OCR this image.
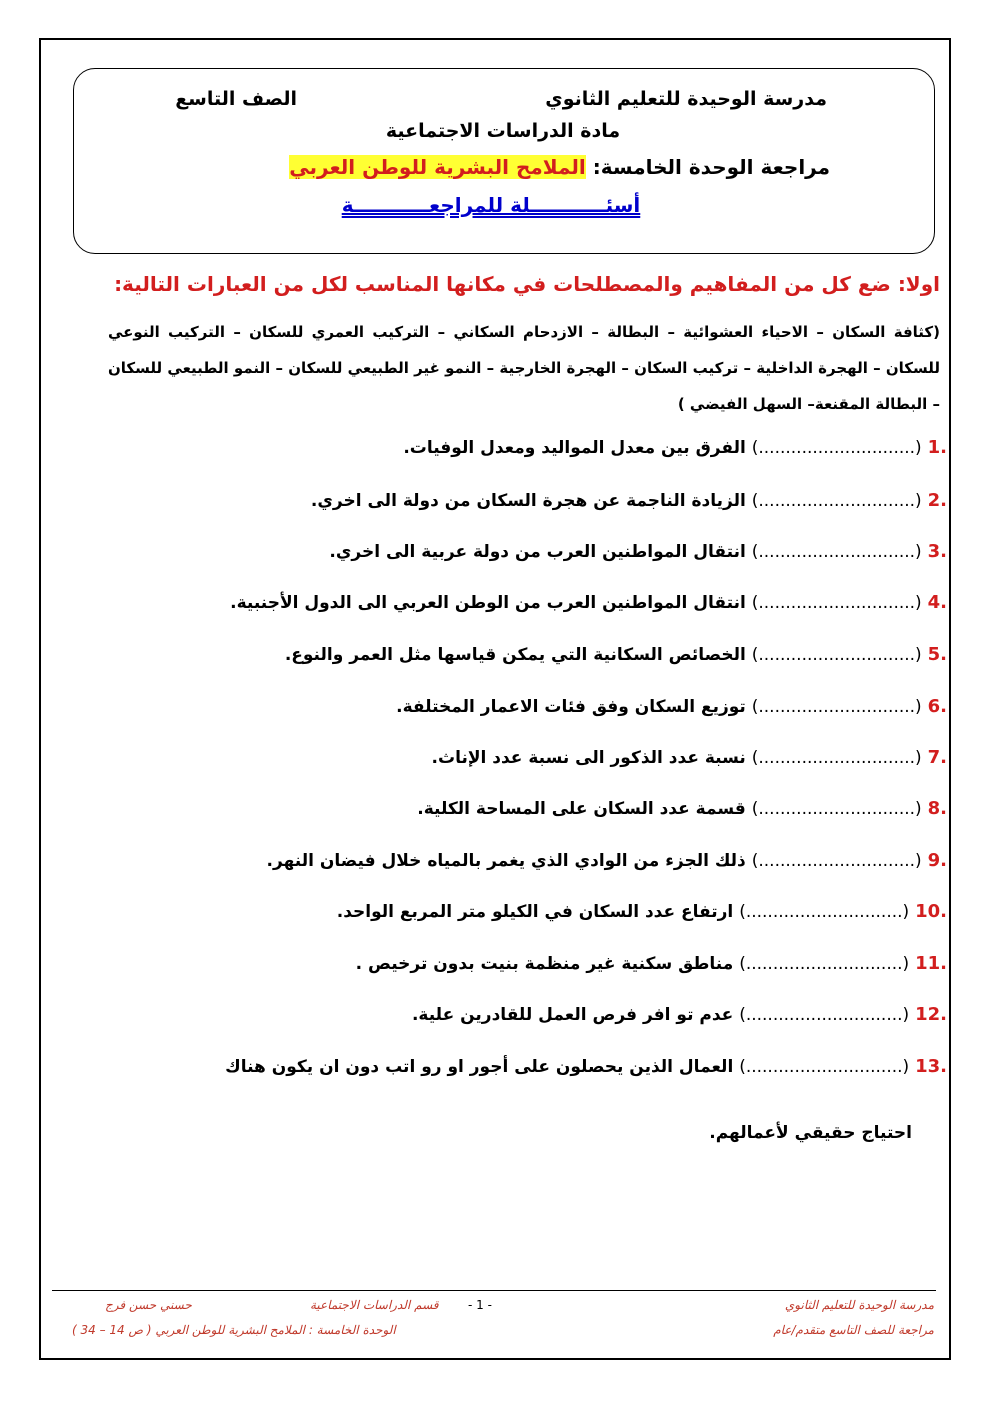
مدرسة الوحيدة للتعليم الثانوي
الصف التاسع
مادة الدراسات الاجتماعية
مراجعة الوحدة الخامسة: الملامح البشرية للوطن العربي
أسئـــــــــــلة للمراجعـــــــــــة
اولا: ضع كل من المفاهيم والمصطلحات في مكانها المناسب لكل من العبارات التالية:
(كثافة السكان – الاحياء العشوائية – البطالة – الازدحام السكاني – التركيب العمري للسكان – التركيب النوعي للسكان – الهجرة الداخلية – تركيب السكان – الهجرة الخارجية – النمو غير الطبيعي للسكان – النمو الطبيعي للسكان – البطالة المقنعة– السهل الفيضي )
.1 (.............................) الفرق بين معدل المواليد ومعدل الوفيات.
.2 (.............................) الزيادة الناجمة عن هجرة السكان من دولة الى اخري.
.3 (.............................) انتقال المواطنين العرب من دولة عربية الى اخري.
.4 (.............................) انتقال المواطنين العرب من الوطن العربي الى الدول الأجنبية.
.5 (.............................) الخصائص السكانية التي يمكن قياسها مثل العمر والنوع.
.6 (.............................) توزيع السكان وفق فئات الاعمار المختلفة.
.7 (.............................) نسبة عدد الذكور الى نسبة عدد الإناث.
.8 (.............................) قسمة عدد السكان على المساحة الكلية.
.9 (.............................) ذلك الجزء من الوادي الذي يغمر بالمياه خلال فيضان النهر.
.10 (.............................) ارتفاع عدد السكان في الكيلو متر المربع الواحد.
.11 (.............................) مناطق سكنية غير منظمة بنيت بدون ترخيص .
.12 (.............................) عدم تو افر فرص العمل للقادرين علية.
.13 (.............................) العمال الذين يحصلون على أجور او رو اتب دون ان يكون هناك
احتياج حقيقي لأعمالهم.
مدرسة الوحيدة للتعليم الثانوي
مراجعة للصف التاسع متقدم/عام
- 1 -
قسم الدراسات الاجتماعية
حسني حسن فرج
الوحدة الخامسة : الملامح البشرية للوطن العربي ( ص 14 – 34 )
